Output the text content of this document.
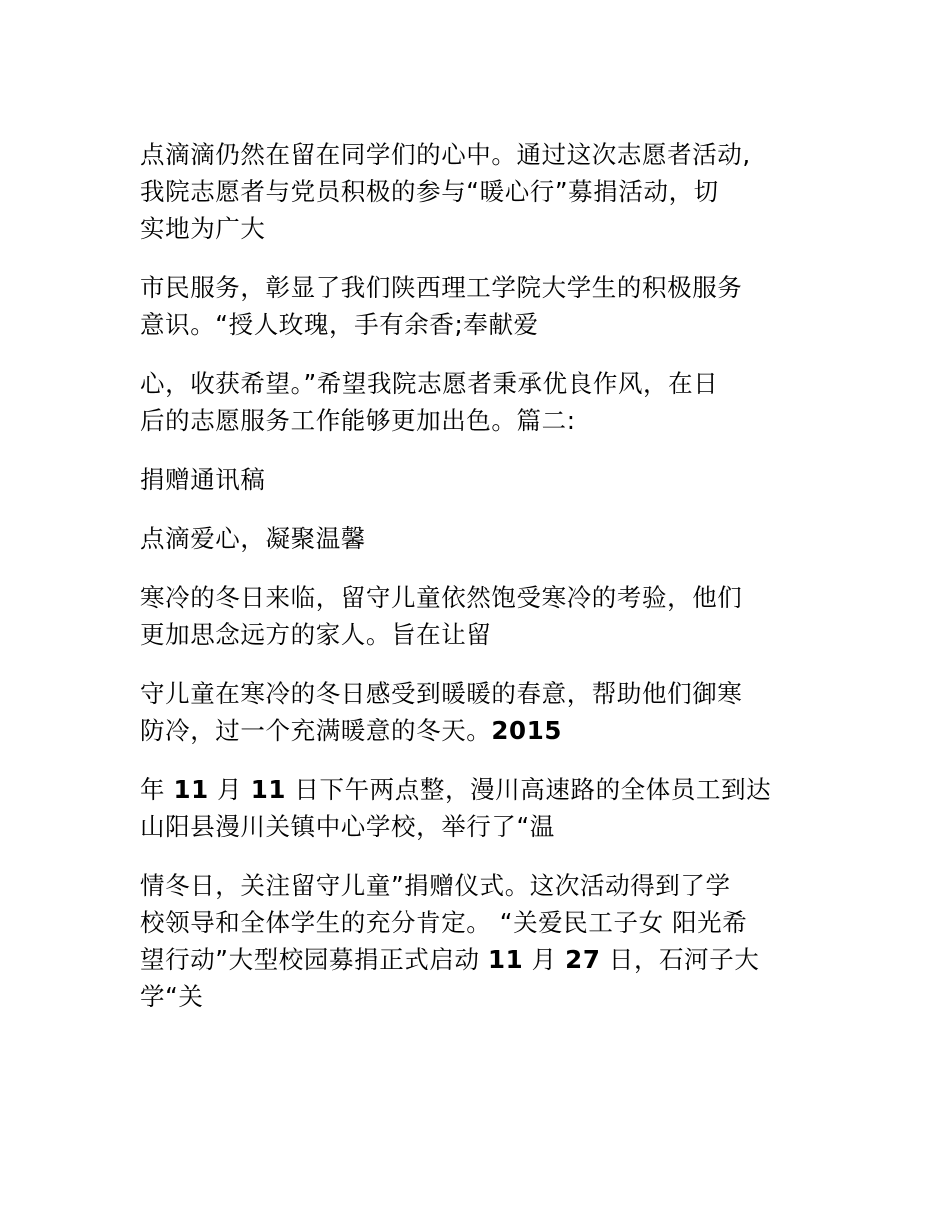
点滴滴仍然在留在同学们的心中。通过这次志愿者活动,
我院志愿者与党员积极的参与“暖心行”募捐活动，切
实地为广大
市民服务，彰显了我们陕西理工学院大学生的积极服务
意识。“授人玫瑰，手有余香;奉献爱
心，收获希望。”希望我院志愿者秉承优良作风，在日
后的志愿服务工作能够更加出色。篇二:
捐赠通讯稿
点滴爱心，凝聚温馨
寒冷的冬日来临，留守儿童依然饱受寒冷的考验，他们
更加思念远方的家人。旨在让留
守儿童在寒冷的冬日感受到暖暖的春意，帮助他们御寒
防冷，过一个充满暖意的冬天。2015
年 11 月 11 日下午两点整，漫川高速路的全体员工到达
山阳县漫川关镇中心学校，举行了“温
情冬日，关注留守儿童”捐赠仪式。这次活动得到了学
校领导和全体学生的充分肯定。 “关爱民工子女 阳光希
望行动”大型校园募捐正式启动 11 月 27 日，石河子大
学“关
